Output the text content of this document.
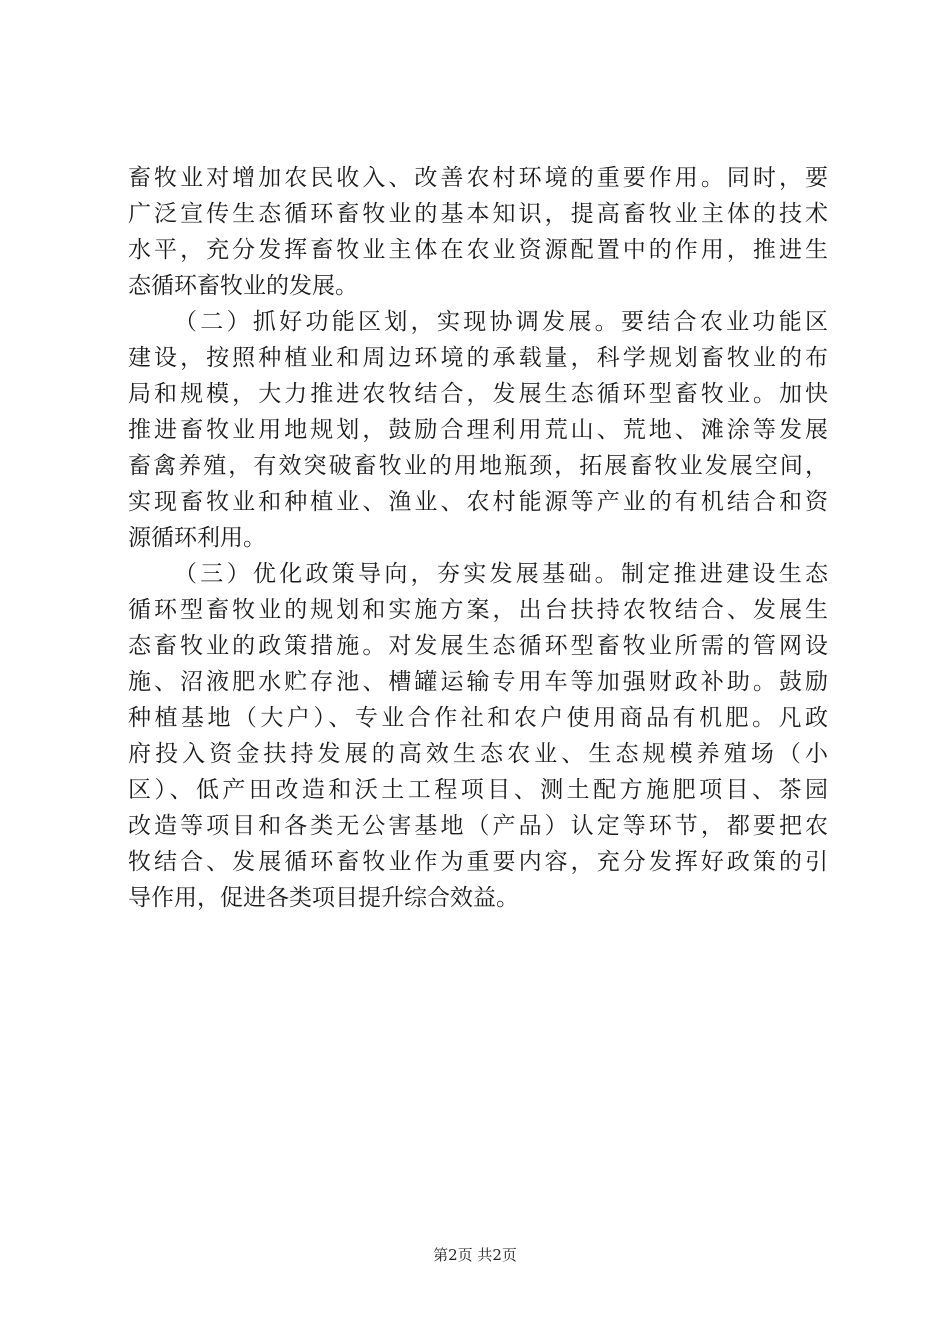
畜牧业对增加农民收入、改善农村环境的重要作用。同时，要
广泛宣传生态循环畜牧业的基本知识，提高畜牧业主体的技术
水平，充分发挥畜牧业主体在农业资源配置中的作用，推进生
态循环畜牧业的发展。
（二）抓好功能区划，实现协调发展。要结合农业功能区
建设，按照种植业和周边环境的承载量，科学规划畜牧业的布
局和规模，大力推进农牧结合，发展生态循环型畜牧业。加快
推进畜牧业用地规划，鼓励合理利用荒山、荒地、滩涂等发展
畜禽养殖，有效突破畜牧业的用地瓶颈，拓展畜牧业发展空间，
实现畜牧业和种植业、渔业、农村能源等产业的有机结合和资
源循环利用。
（三）优化政策导向，夯实发展基础。制定推进建设生态
循环型畜牧业的规划和实施方案，出台扶持农牧结合、发展生
态畜牧业的政策措施。对发展生态循环型畜牧业所需的管网设
施、沼液肥水贮存池、槽罐运输专用车等加强财政补助。鼓励
种植基地（大户）、专业合作社和农户使用商品有机肥。凡政
府投入资金扶持发展的高效生态农业、生态规模养殖场（小
区）、低产田改造和沃土工程项目、测土配方施肥项目、茶园
改造等项目和各类无公害基地（产品）认定等环节，都要把农
牧结合、发展循环畜牧业作为重要内容，充分发挥好政策的引
导作用，促进各类项目提升综合效益。
第2页 共2页
